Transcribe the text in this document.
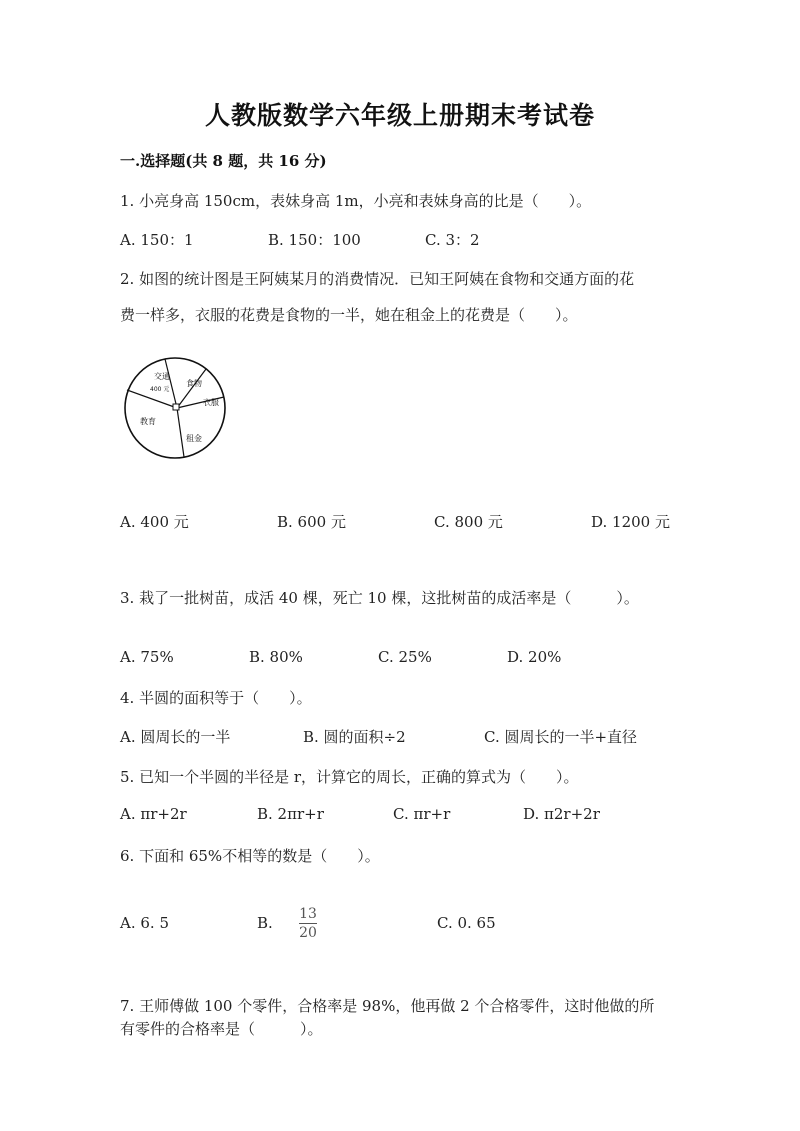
人教版数学六年级上册期末考试卷
一.选择题(共 8 题，共 16 分)
1. 小亮身高 150cm，表妹身高 1m，小亮和表妹身高的比是（　　）。
A. 150：1	B. 150：100	C. 3：2
2. 如图的统计图是王阿姨某月的消费情况．已知王阿姨在食物和交通方面的花
费一样多，衣服的花费是食物的一半，她在租金上的花费是（　　）。
交通
400 元
食物
衣服
教育
租金
A. 400 元	B. 600 元	C. 800 元	D. 1200 元
3. 栽了一批树苗，成活 40 棵，死亡 10 棵，这批树苗的成活率是（　　　）。
A. 75%	B. 80%	C. 25%	D. 20%
4. 半圆的面积等于（　　）。
A. 圆周长的一半	B. 圆的面积÷2	C. 圆周长的一半+直径
5. 已知一个半圆的半径是 r，计算它的周长，正确的算式为（　　）。
A. πr+2r	B. 2πr+r	C. πr+r	D. π2r+2r
6. 下面和 65%不相等的数是（　　）。
A. 6. 5	B. 13
20
C. 0. 65
7. 王师傅做 100 个零件，合格率是 98%，他再做 2 个合格零件，这时他做的所
有零件的合格率是（　　　）。
